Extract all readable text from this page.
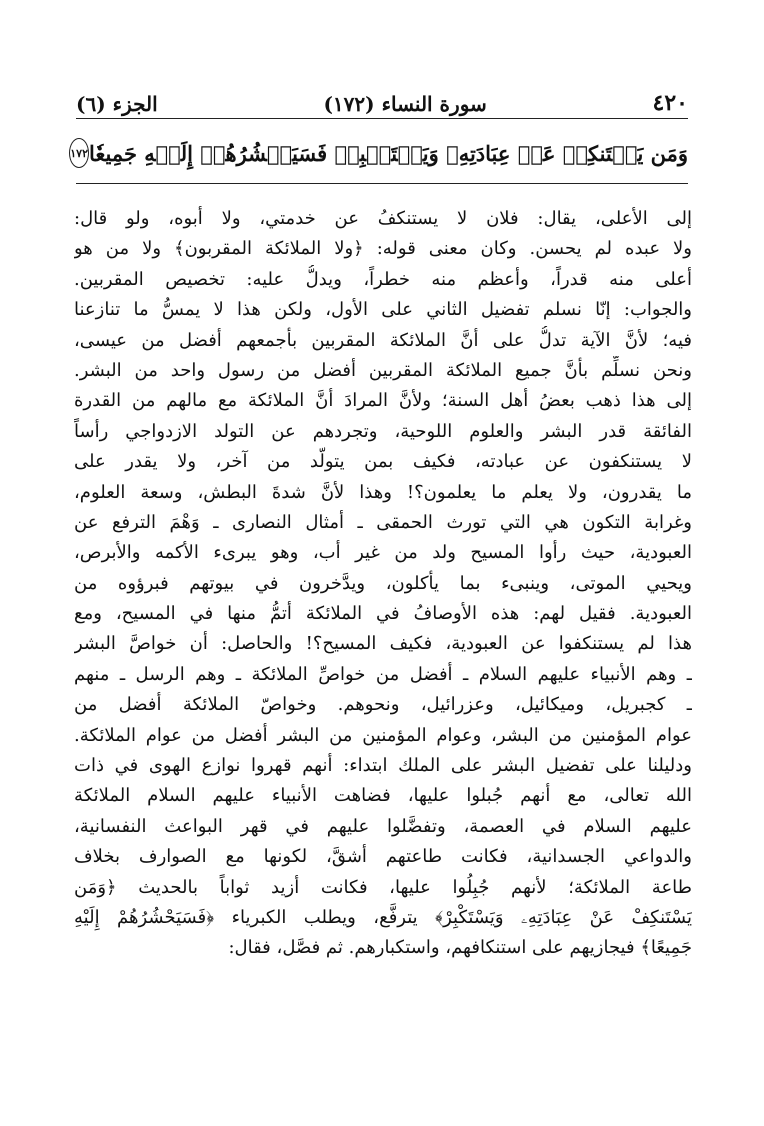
٤٢٠
سورة النساء (١٧٢)
الجزء (٦)
وَمَن يَسۡتَنكِفۡ عَنۡ عِبَادَتِهِۦ وَيَسۡتَكۡبِرۡ فَسَيَحۡشُرُهُمۡ إِلَيۡهِ جَمِيعٗا
١٧٢
إلى الأعلى، يقال: فلان لا يستنكفُ عن خدمتي، ولا أبوه، ولو قال:
ولا عبده لم يحسن. وكان معنى قوله: ﴿ولا الملائكة المقربون﴾ ولا من هو
أعلى منه قدراً، وأعظم منه خطراً، ويدلُّ عليه: تخصيص المقربين.
والجواب: إنّا نسلم تفضيل الثاني على الأول، ولكن هذا لا يمسُّ ما تنازعنا
فيه؛ لأنَّ الآية تدلُّ على أنَّ الملائكة المقربين بأجمعهم أفضل من عيسى،
ونحن نسلِّم بأنَّ جميع الملائكة المقربين أفضل من رسول واحد من البشر.
إلى هذا ذهب بعضُ أهل السنة؛ ولأنَّ المرادَ أنَّ الملائكة مع مالهم من القدرة
الفائقة قدر البشر والعلوم اللوحية، وتجردهم عن التولد الازدواجي رأساً
لا يستنكفون عن عبادته، فكيف بمن يتولَّد من آخر، ولا يقدر على
ما يقدرون، ولا يعلم ما يعلمون؟! وهذا لأنَّ شدةَ البطش، وسعة العلوم،
وغرابة التكون هي التي تورث الحمقى ـ أمثال النصارى ـ وَهْمَ الترفع عن
العبودية، حيث رأوا المسيح ولد من غير أب، وهو يبرىء الأكمه والأبرص،
ويحيي الموتى، وينبىء بما يأكلون، ويدَّخرون في بيوتهم فبرؤوه من
العبودية. فقيل لهم: هذه الأوصافُ في الملائكة أتمُّ منها في المسيح، ومع
هذا لم يستنكفوا عن العبودية، فكيف المسيح؟! والحاصل: أن خواصَّ البشر
ـ وهم الأنبياء عليهم السلام ـ أفضل من خواصِّ الملائكة ـ وهم الرسل ـ منهم
ـ كجبريل، وميكائيل، وعزرائيل، ونحوهم. وخواصّ الملائكة أفضل من
عوام المؤمنين من البشر، وعوام المؤمنين من البشر أفضل من عوام الملائكة.
ودليلنا على تفضيل البشر على الملك ابتداء: أنهم قهروا نوازع الهوى في ذات
الله تعالى، مع أنهم جُبلوا عليها، فضاهت الأنبياء عليهم السلام الملائكة
عليهم السلام في العصمة، وتفضَّلوا عليهم في قهر البواعث النفسانية،
والدواعي الجسدانية، فكانت طاعتهم أشقَّ، لكونها مع الصوارف بخلاف
طاعة الملائكة؛ لأنهم جُبِلُوا عليها، فكانت أزيد ثواباً بالحديث ﴿وَمَن
يَسْتَنكِفْ عَنْ عِبَادَتِهِۦ وَيَسْتَكْبِرْ﴾ يترفَّع، ويطلب الكبرياء ﴿فَسَيَحْشُرُهُمْ إِلَيْهِ
جَمِيعًا﴾ فيجازيهم على استنكافهم، واستكبارهم. ثم فصَّل، فقال:
